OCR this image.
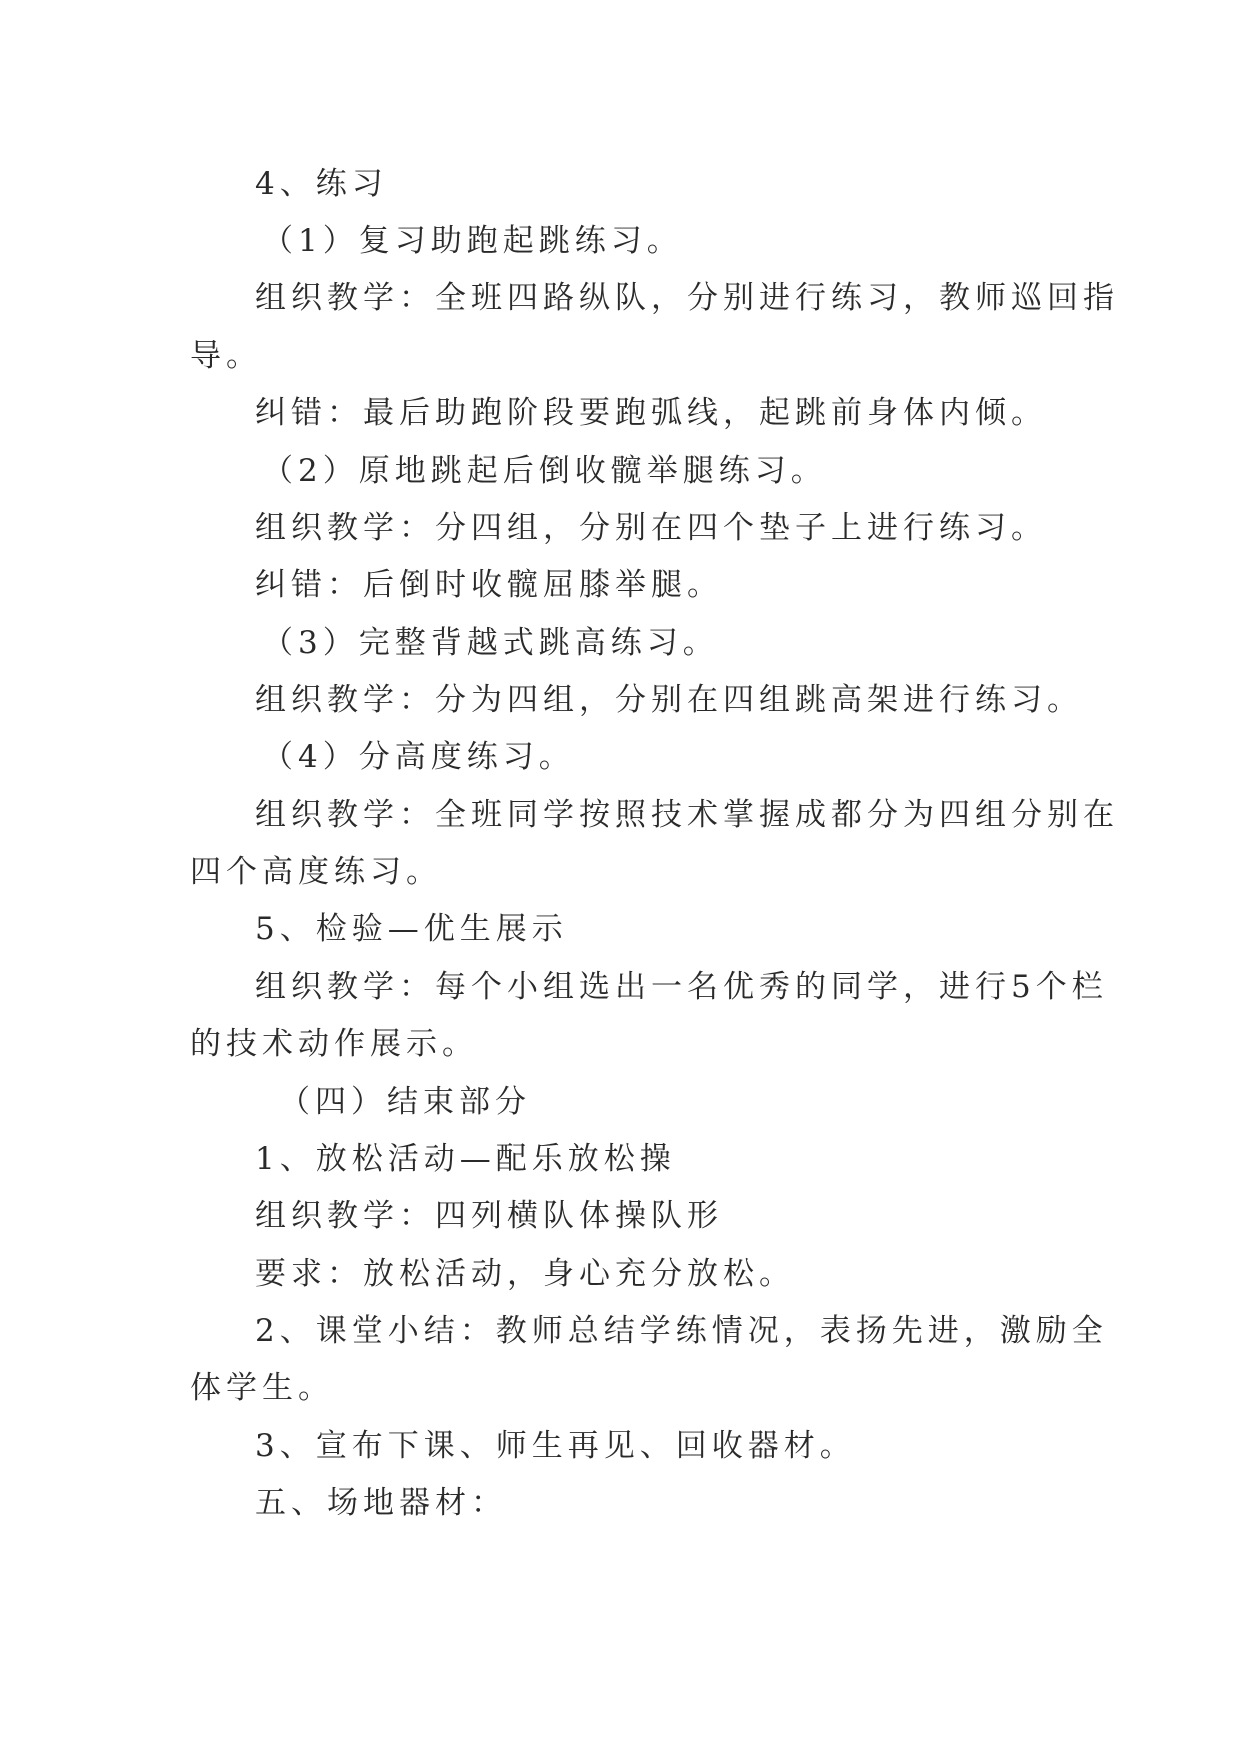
4、练习

（1）复习助跑起跳练习。

组织教学：全班四路纵队，分别进行练习，教师巡回指

导。

纠错：最后助跑阶段要跑弧线，起跳前身体内倾。

（2）原地跳起后倒收髋举腿练习。

组织教学：分四组，分别在四个垫子上进行练习。

纠错：后倒时收髋屈膝举腿。

（3）完整背越式跳高练习。

组织教学：分为四组，分别在四组跳高架进行练习。

（4）分高度练习。

组织教学：全班同学按照技术掌握成都分为四组分别在

四个高度练习。

5、检验—优生展示

组织教学：每个小组选出一名优秀的同学，进行5个栏

的技术动作展示。

（四）结束部分

1、放松活动—配乐放松操

组织教学：四列横队体操队形

要求：放松活动，身心充分放松。

2、课堂小结：教师总结学练情况，表扬先进，激励全

体学生。

3、宣布下课、师生再见、回收器材。

五、场地器材：
